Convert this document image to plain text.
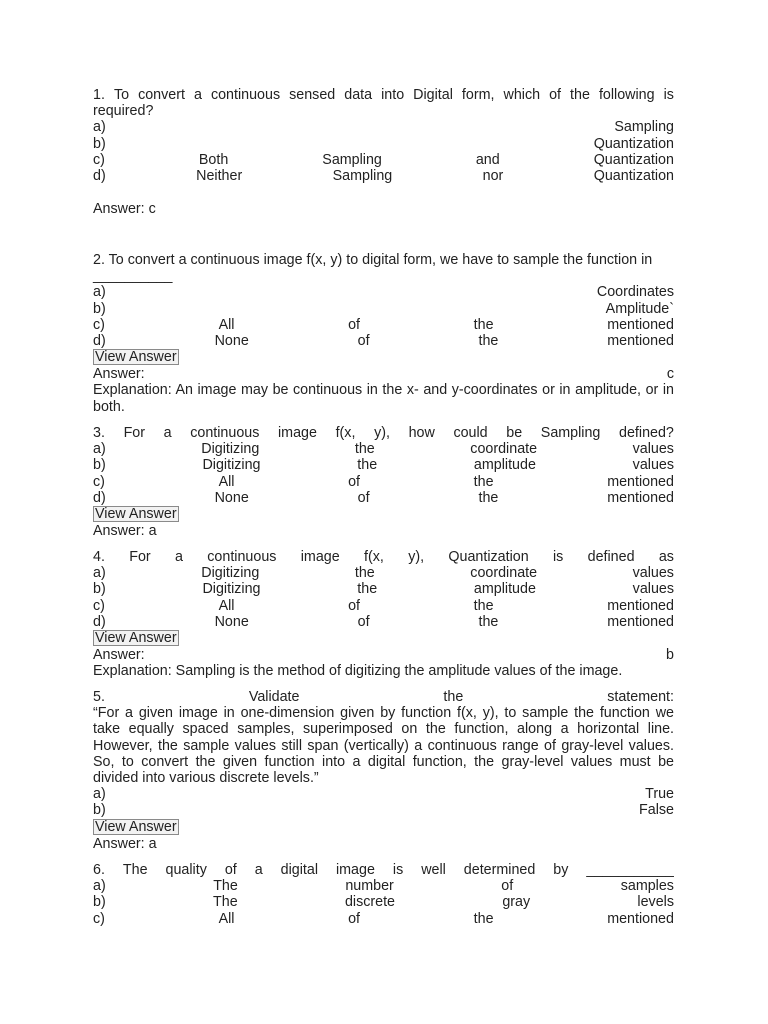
1. To convert a continuous sensed data into Digital form, which of the following is
required?
a)	Sampling
b)	Quantization
c)	Both	Sampling	and	Quantization
d)	Neither	Sampling	nor	Quantization
Answer: c
2. To convert a continuous image f(x, y) to digital form, we have to sample the function in
__________
a)	Coordinates
b)	Amplitude`
c)	All	of	the	mentioned
d)	None	of	the	mentioned
View Answer
Answer:	c
Explanation: An image may be continuous in the x- and y-coordinates or in amplitude, or in both.
3. For a continuous image f(x, y), how could be Sampling defined?
a)	Digitizing	the	coordinate	values
b)	Digitizing	the	amplitude	values
c)	All	of	the	mentioned
d)	None	of	the	mentioned
View Answer
Answer: a
4. For a continuous image f(x, y), Quantization is defined as
a)	Digitizing	the	coordinate	values
b)	Digitizing	the	amplitude	values
c)	All	of	the	mentioned
d)	None	of	the	mentioned
View Answer
Answer:	b
Explanation: Sampling is the method of digitizing the amplitude values of the image.
5.	Validate	the	statement:
“For a given image in one-dimension given by function f(x, y), to sample the function we take equally spaced samples, superimposed on the function, along a horizontal line. However, the sample values still span (vertically) a continuous range of gray-level values. So, to convert the given function into a digital function, the gray-level values must be divided into various discrete levels.”
a)	True
b)	False
View Answer
Answer: a
6. The quality of a digital image is well determined by ___________
a)	The	number	of	samples
b)	The	discrete	gray	levels
c)	All	of	the	mentioned
